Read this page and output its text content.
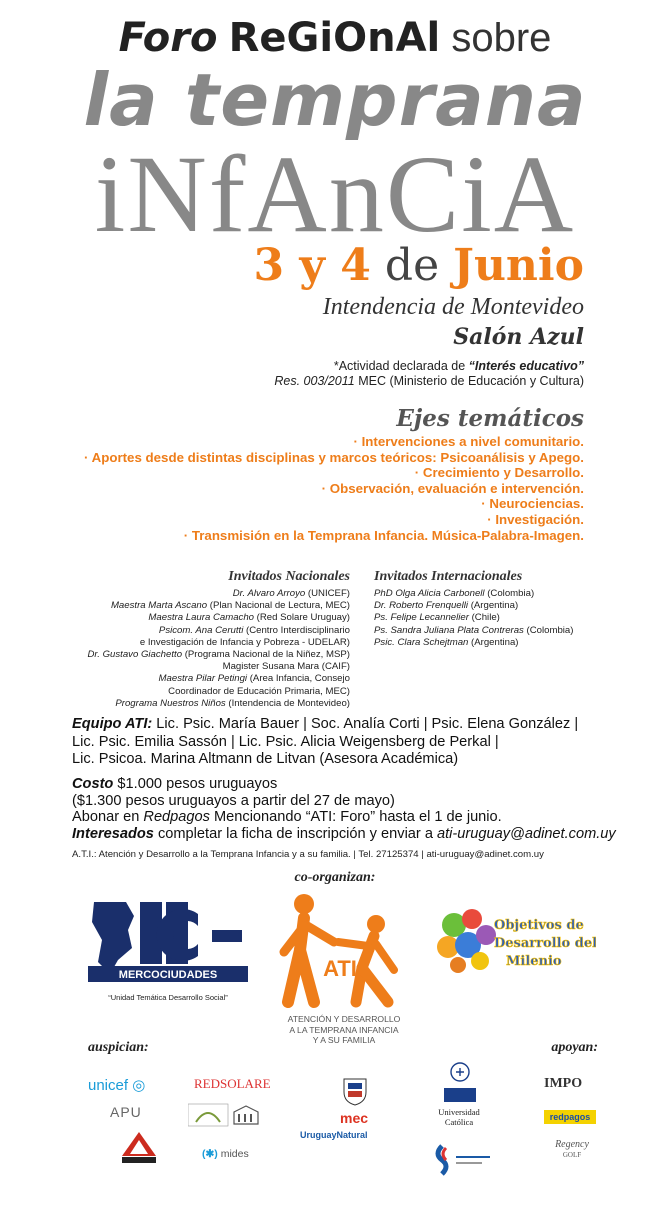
Foro ReGiOnAl sobre
la temprana
iNfAnCiA
3 y 4 de Junio
Intendencia de Montevideo
Salón Azul
*Actividad declarada de “Interés educativo”
Res. 003/2011 MEC (Ministerio de Educación y Cultura)
Ejes temáticos
· Intervenciones a nivel comunitario.
· Aportes desde distintas disciplinas y marcos teóricos: Psicoanálisis y Apego.
· Crecimiento y Desarrollo.
· Observación, evaluación e intervención.
· Neurociencias.
· Investigación.
· Transmisión en la Temprana Infancia. Música-Palabra-Imagen.
Invitados Nacionales Invitados Internacionales
Dr. Alvaro Arroyo (UNICEF)
Maestra Marta Ascano (Plan Nacional de Lectura, MEC)
Maestra Laura Camacho (Red Solare Uruguay)
Psicom. Ana Cerutti (Centro Interdisciplinario
e Investigación de Infancia y Pobreza - UDELAR)
Dr. Gustavo Giachetto (Programa Nacional de la Niñez, MSP)
Magister Susana Mara (CAIF)
Maestra Pilar Petingi (Area Infancia, Consejo
Coordinador de Educación Primaria, MEC)
Programa Nuestros Niños (Intendencia de Montevideo)
PhD Olga Alicia Carbonell (Colombia)
Dr. Roberto Frenquelli (Argentina)
Ps. Felipe Lecannelier (Chile)
Ps. Sandra Juliana Plata Contreras (Colombia)
Psic. Clara Schejtman (Argentina)
Equipo ATI: Lic. Psic. María Bauer | Soc. Analía Corti | Psic. Elena González |
Lic. Psic. Emilia Sassón | Lic. Psic. Alicia Weigensberg de Perkal |
Lic. Psicoa. Marina Altmann de Litvan (Asesora Académica)
Costo $1.000 pesos uruguayos
($1.300 pesos uruguayos a partir del 27 de mayo)
Abonar en Redpagos Mencionando “ATI: Foro” hasta el 1 de junio.
Interesados completar la ficha de inscripción y enviar a ati-uruguay@adinet.com.uy
A.T.I.: Atención y Desarrollo a la Temprana Infancia y a su familia. | Tel. 27125374 | ati-uruguay@adinet.com.uy
co-organizan:
MERCOCIUDADES
“Unidad Temática Desarrollo Social”
ATI
ATENCIÓN Y DESARROLLO
A LA TEMPRANA INFANCIA
Y A SU FAMILIA
Objetivos de
Desarrollo del
Milenio
auspician:	apoyan:
unicef ◎	REDSOLARE
APU
(✱) mides
mec
UruguayNatural
Universidad
Católica
IMPO
redpagos
Regency
GOLF
